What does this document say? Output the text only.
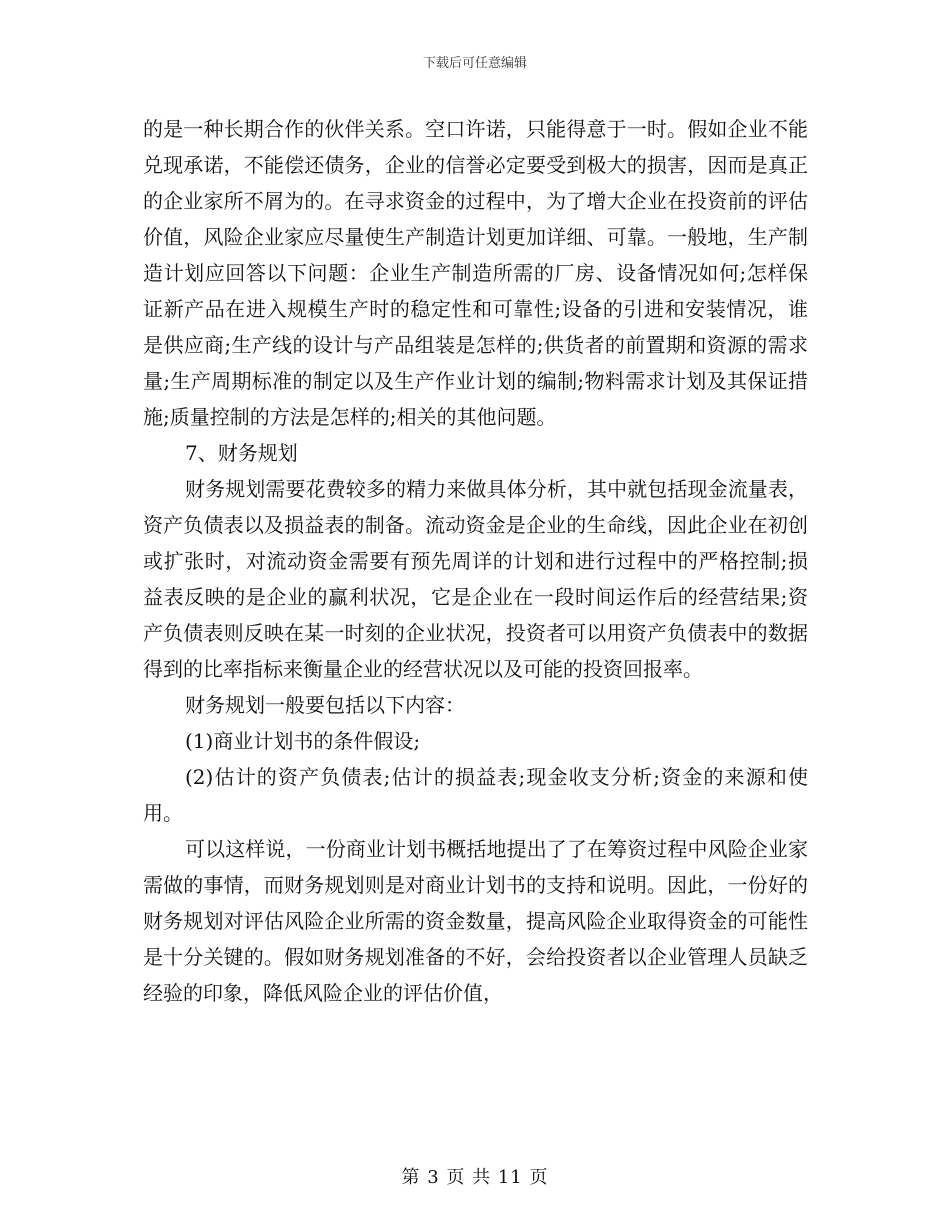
下载后可任意编辑

的是一种长期合作的伙伴关系。空口许诺，只能得意于一时。假如企业不能兑现承诺，不能偿还债务，企业的信誉必定要受到极大的损害，因而是真正的企业家所不屑为的。在寻求资金的过程中，为了增大企业在投资前的评估价值，风险企业家应尽量使生产制造计划更加详细、可靠。一般地，生产制造计划应回答以下问题：企业生产制造所需的厂房、设备情况如何;怎样保证新产品在进入规模生产时的稳定性和可靠性;设备的引进和安装情况，谁是供应商;生产线的设计与产品组装是怎样的;供货者的前置期和资源的需求量;生产周期标准的制定以及生产作业计划的编制;物料需求计划及其保证措施;质量控制的方法是怎样的;相关的其他问题。

7、财务规划

财务规划需要花费较多的精力来做具体分析，其中就包括现金流量表，资产负债表以及损益表的制备。流动资金是企业的生命线，因此企业在初创或扩张时，对流动资金需要有预先周详的计划和进行过程中的严格控制;损益表反映的是企业的赢利状况，它是企业在一段时间运作后的经营结果;资产负债表则反映在某一时刻的企业状况，投资者可以用资产负债表中的数据得到的比率指标来衡量企业的经营状况以及可能的投资回报率。

财务规划一般要包括以下内容：

(1)商业计划书的条件假设;

(2)估计的资产负债表;估计的损益表;现金收支分析;资金的来源和使用。

可以这样说，一份商业计划书概括地提出了了在筹资过程中风险企业家需做的事情，而财务规划则是对商业计划书的支持和说明。因此，一份好的财务规划对评估风险企业所需的资金数量，提高风险企业取得资金的可能性是十分关键的。假如财务规划准备的不好，会给投资者以企业管理人员缺乏经验的印象，降低风险企业的评估价值，

第 3 页 共 11 页
